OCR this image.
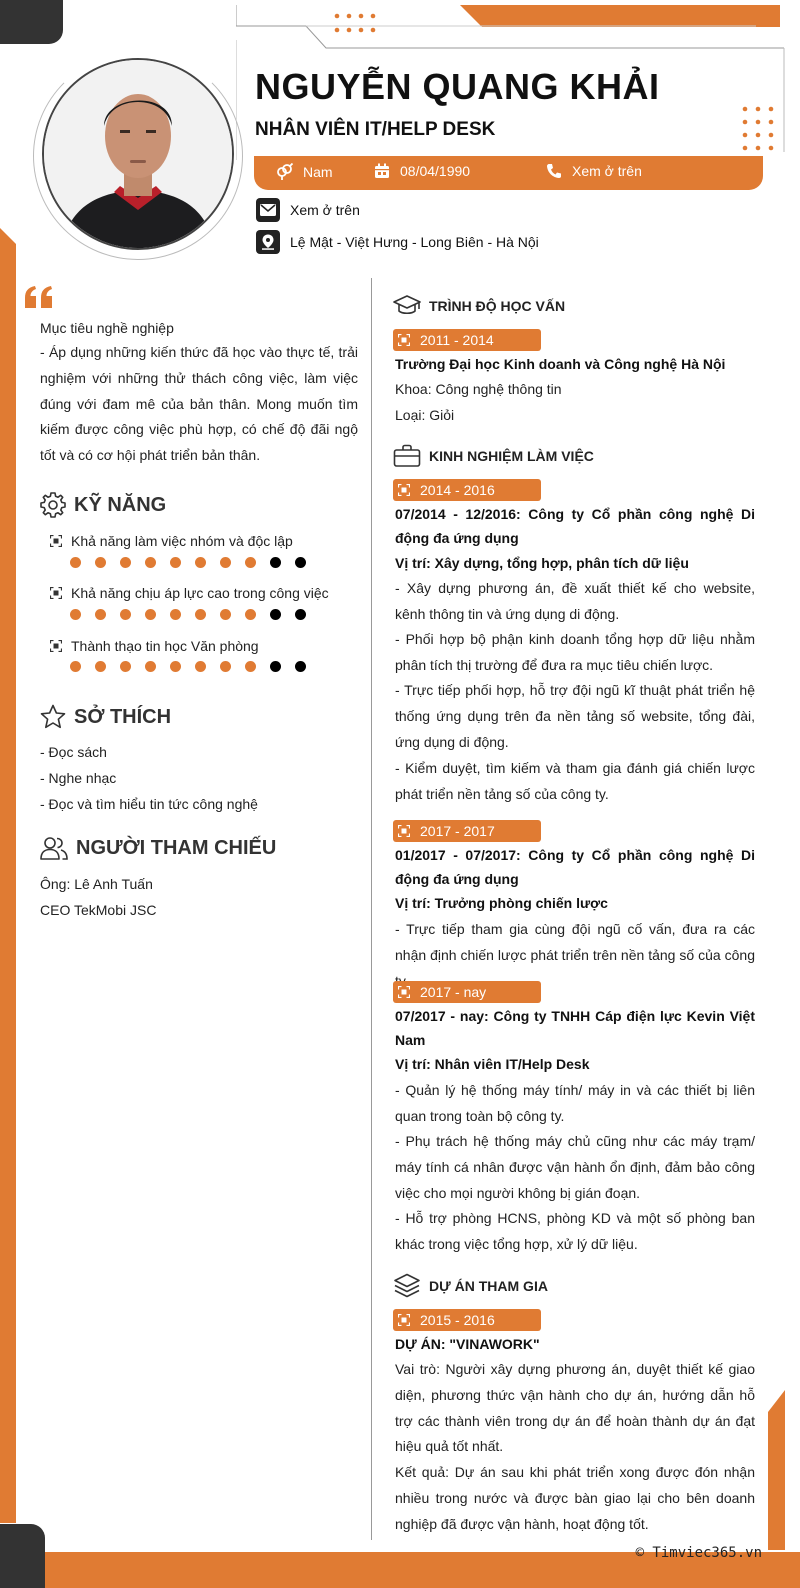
NGUYỄN QUANG KHẢI
NHÂN VIÊN IT/HELP DESK
Nam	08/04/1990	Xem ở trên
Xem ở trên
Lệ Mật - Việt Hưng - Long Biên - Hà Nội
Mục tiêu nghề nghiệp

- Áp dụng những kiến thức đã học vào thực tế, trải nghiệm với những thử thách công việc, làm việc đúng với đam mê của bản thân. Mong muốn tìm kiếm được công việc phù hợp, có chế độ đãi ngộ tốt và có cơ hội phát triển bản thân.

KỸ NĂNG
Khả năng làm việc nhóm và độc lập
Khả năng chịu áp lực cao trong công việc
Thành thạo tin học Văn phòng
SỞ THÍCH
- Đọc sách
- Nghe nhạc
- Đọc và tìm hiểu tin tức công nghệ
NGƯỜI THAM CHIẾU
Ông: Lê Anh Tuấn
CEO TekMobi JSC
TRÌNH ĐỘ HỌC VẤN
2011 - 2014
Trường Đại học Kinh doanh và Công nghệ Hà Nội
Khoa: Công nghệ thông tin
Loại: Giỏi
KINH NGHIỆM LÀM VIỆC
2014 - 2016
07/2014 - 12/2016: Công ty Cổ phần công nghệ Di động đa ứng dụng
Vị trí: Xây dựng, tổng hợp, phân tích dữ liệu
- Xây dựng phương án, đề xuất thiết kế cho website, kênh thông tin và ứng dụng di động.
- Phối hợp bộ phận kinh doanh tổng hợp dữ liệu nhằm phân tích thị trường để đưa ra mục tiêu chiến lược.
- Trực tiếp phối hợp, hỗ trợ đội ngũ kĩ thuật phát triển hệ thống ứng dụng trên đa nền tảng số website, tổng đài, ứng dụng di động.
- Kiểm duyệt, tìm kiếm và tham gia đánh giá chiến lược phát triển nền tảng số của công ty.
2017 - 2017
01/2017 - 07/2017: Công ty Cổ phần công nghệ Di động đa ứng dụng
Vị trí: Trưởng phòng chiến lược
- Trực tiếp tham gia cùng đội ngũ cố vấn, đưa ra các nhận định chiến lược phát triển trên nền tảng số của công
2017 - nay
07/2017 - nay: Công ty TNHH Cáp điện lực Kevin Việt Nam
Vị trí: Nhân viên IT/Help Desk
- Quản lý hệ thống máy tính/ máy in và các thiết bị liên quan trong toàn bộ công ty.
- Phụ trách hệ thống máy chủ cũng như các máy trạm/ máy tính cá nhân được vận hành ổn định, đảm bảo công việc cho mọi người không bị gián đoạn.
- Hỗ trợ phòng HCNS, phòng KD và một số phòng ban khác trong việc tổng hợp, xử lý dữ liệu.
DỰ ÁN THAM GIA
2015 - 2016
DỰ ÁN: "VINAWORK"
Vai trò: Người xây dựng phương án, duyệt thiết kế giao diện, phương thức vận hành cho dự án, hướng dẫn hỗ trợ các thành viên trong dự án để hoàn thành dự án đạt hiệu quả tốt nhất.
Kết quả: Dự án sau khi phát triển xong được đón nhận nhiều trong nước và được bàn giao lại cho bên doanh nghiệp đã được vận hành, hoạt động tốt.
© Timviec365.vn
